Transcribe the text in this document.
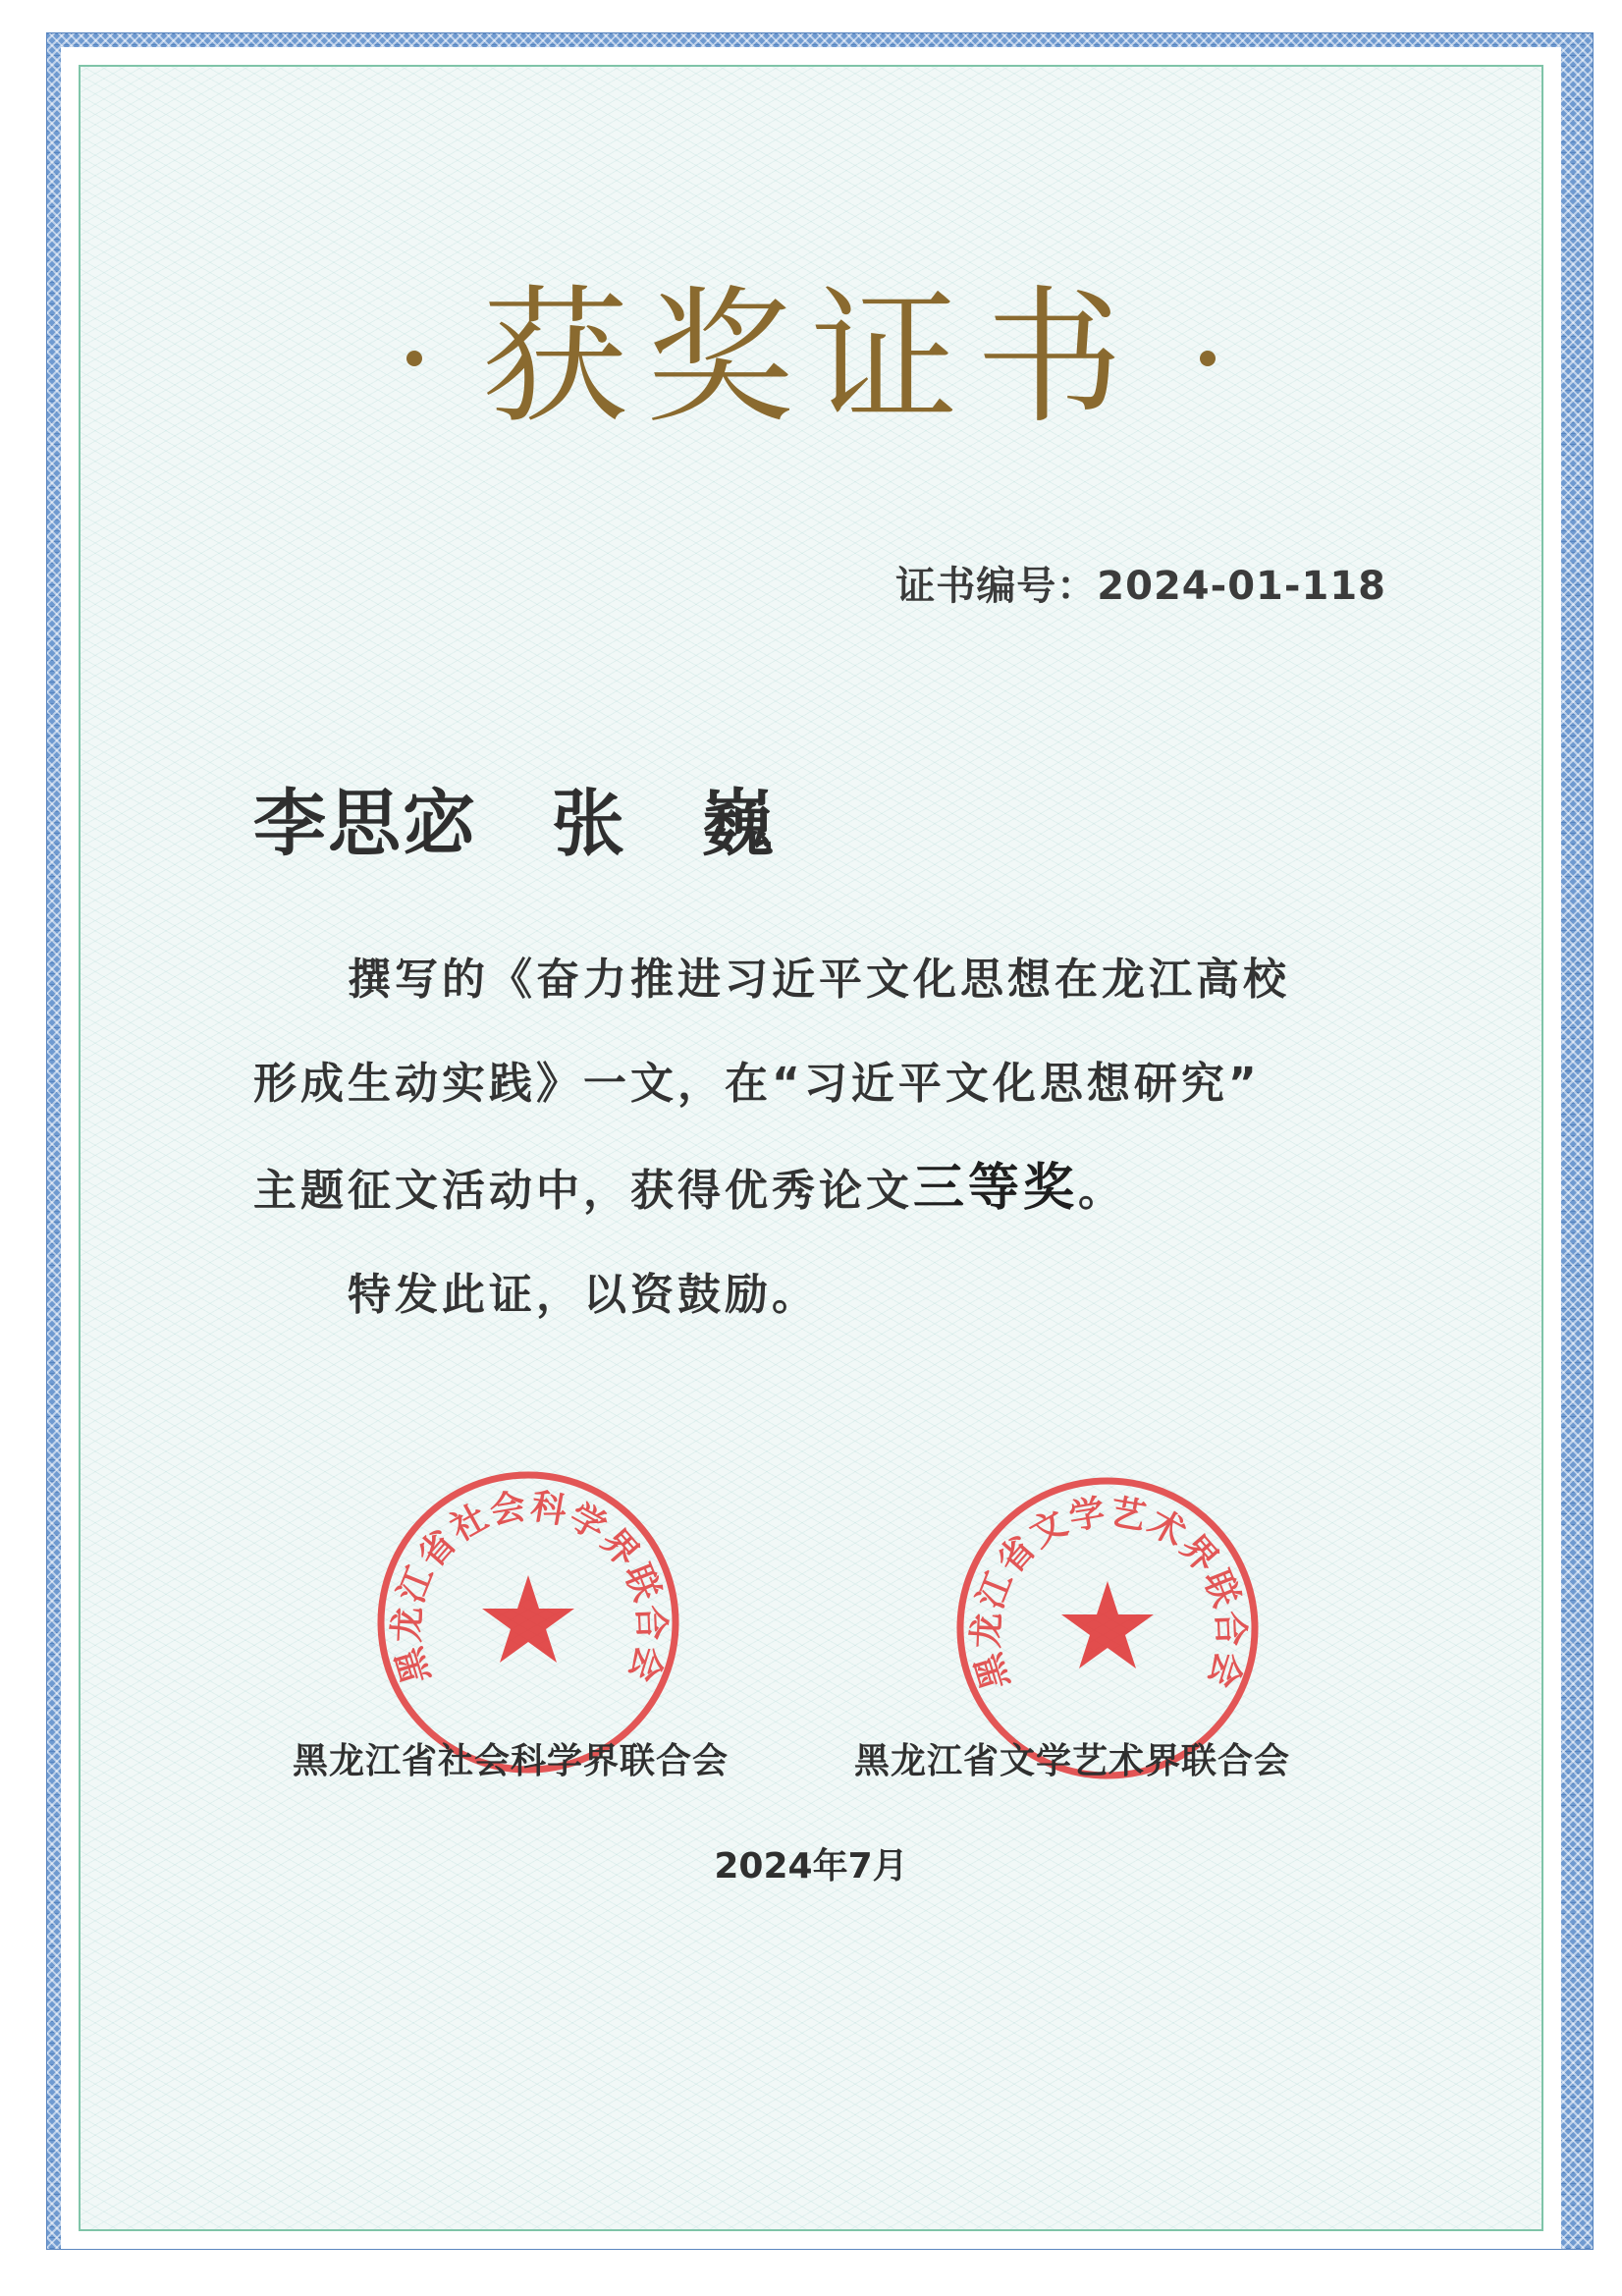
获奖证书
证书编号：2024-01-118
李思宓　张　巍

撰写的《奋力推进习近平文化思想在龙江高校

形成生动实践》一文，在“习近平文化思想研究”

主题征文活动中，获得优秀论文三等奖。

特发此证，以资鼓励。

黑龙江省社会科学界联合会	黑龙江省文学艺术界联合会
黑龙江省社会科学界联合会	黑龙江省文学艺术界联合会
2024年7月
